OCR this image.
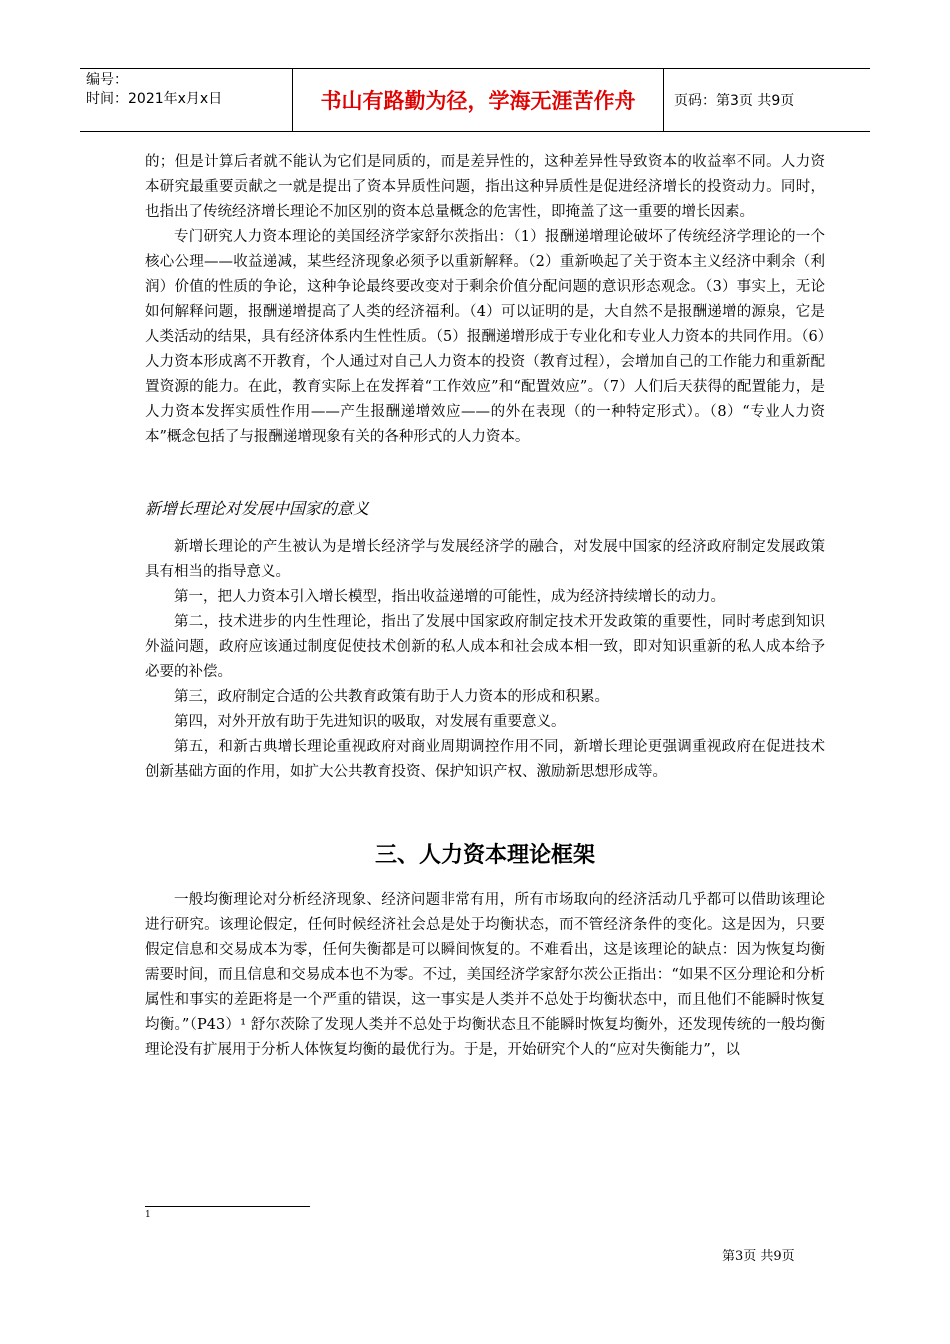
编号：
时间：2021年x月x日	书山有路勤为径，学海无涯苦作舟	页码：第3页 共9页

的；但是计算后者就不能认为它们是同质的，而是差异性的，这种差异性导致资本的收益率不同。人力资本研究最重要贡献之一就是提出了资本异质性问题，指出这种异质性是促进经济增长的投资动力。同时，也指出了传统经济增长理论不加区别的资本总量概念的危害性，即掩盖了这一重要的增长因素。

专门研究人力资本理论的美国经济学家舒尔茨指出：（1）报酬递增理论破坏了传统经济学理论的一个核心公理——收益递减，某些经济现象必须予以重新解释。（2）重新唤起了关于资本主义经济中剩余（利润）价值的性质的争论，这种争论最终要改变对于剩余价值分配问题的意识形态观念。（3）事实上，无论如何解释问题，报酬递增提高了人类的经济福利。（4）可以证明的是，大自然不是报酬递增的源泉，它是人类活动的结果，具有经济体系内生性性质。（5）报酬递增形成于专业化和专业人力资本的共同作用。（6）人力资本形成离不开教育，个人通过对自己人力资本的投资（教育过程），会增加自己的工作能力和重新配置资源的能力。在此，教育实际上在发挥着“工作效应”和“配置效应”。（7）人们后天获得的配置能力，是人力资本发挥实质性作用——产生报酬递增效应——的外在表现（的一种特定形式）。（8）“专业人力资本”概念包括了与报酬递增现象有关的各种形式的人力资本。

新增长理论对发展中国家的意义

新增长理论的产生被认为是增长经济学与发展经济学的融合，对发展中国家的经济政府制定发展政策具有相当的指导意义。

第一，把人力资本引入增长模型，指出收益递增的可能性，成为经济持续增长的动力。

第二，技术进步的内生性理论，指出了发展中国家政府制定技术开发政策的重要性，同时考虑到知识外溢问题，政府应该通过制度促使技术创新的私人成本和社会成本相一致，即对知识重新的私人成本给予必要的补偿。

第三，政府制定合适的公共教育政策有助于人力资本的形成和积累。

第四，对外开放有助于先进知识的吸取，对发展有重要意义。

第五，和新古典增长理论重视政府对商业周期调控作用不同，新增长理论更强调重视政府在促进技术创新基础方面的作用，如扩大公共教育投资、保护知识产权、激励新思想形成等。

三、人力资本理论框架

一般均衡理论对分析经济现象、经济问题非常有用，所有市场取向的经济活动几乎都可以借助该理论进行研究。该理论假定，任何时候经济社会总是处于均衡状态，而不管经济条件的变化。这是因为，只要假定信息和交易成本为零，任何失衡都是可以瞬间恢复的。不难看出，这是该理论的缺点：因为恢复均衡需要时间，而且信息和交易成本也不为零。不过，美国经济学家舒尔茨公正指出：“如果不区分理论和分析属性和事实的差距将是一个严重的错误，这一事实是人类并不总处于均衡状态中，而且他们不能瞬时恢复均衡。”（P43）¹ 舒尔茨除了发现人类并不总处于均衡状态且不能瞬时恢复均衡外，还发现传统的一般均衡理论没有扩展用于分析人体恢复均衡的最优行为。于是，开始研究个人的“应对失衡能力”，以

1
第3页 共9页
